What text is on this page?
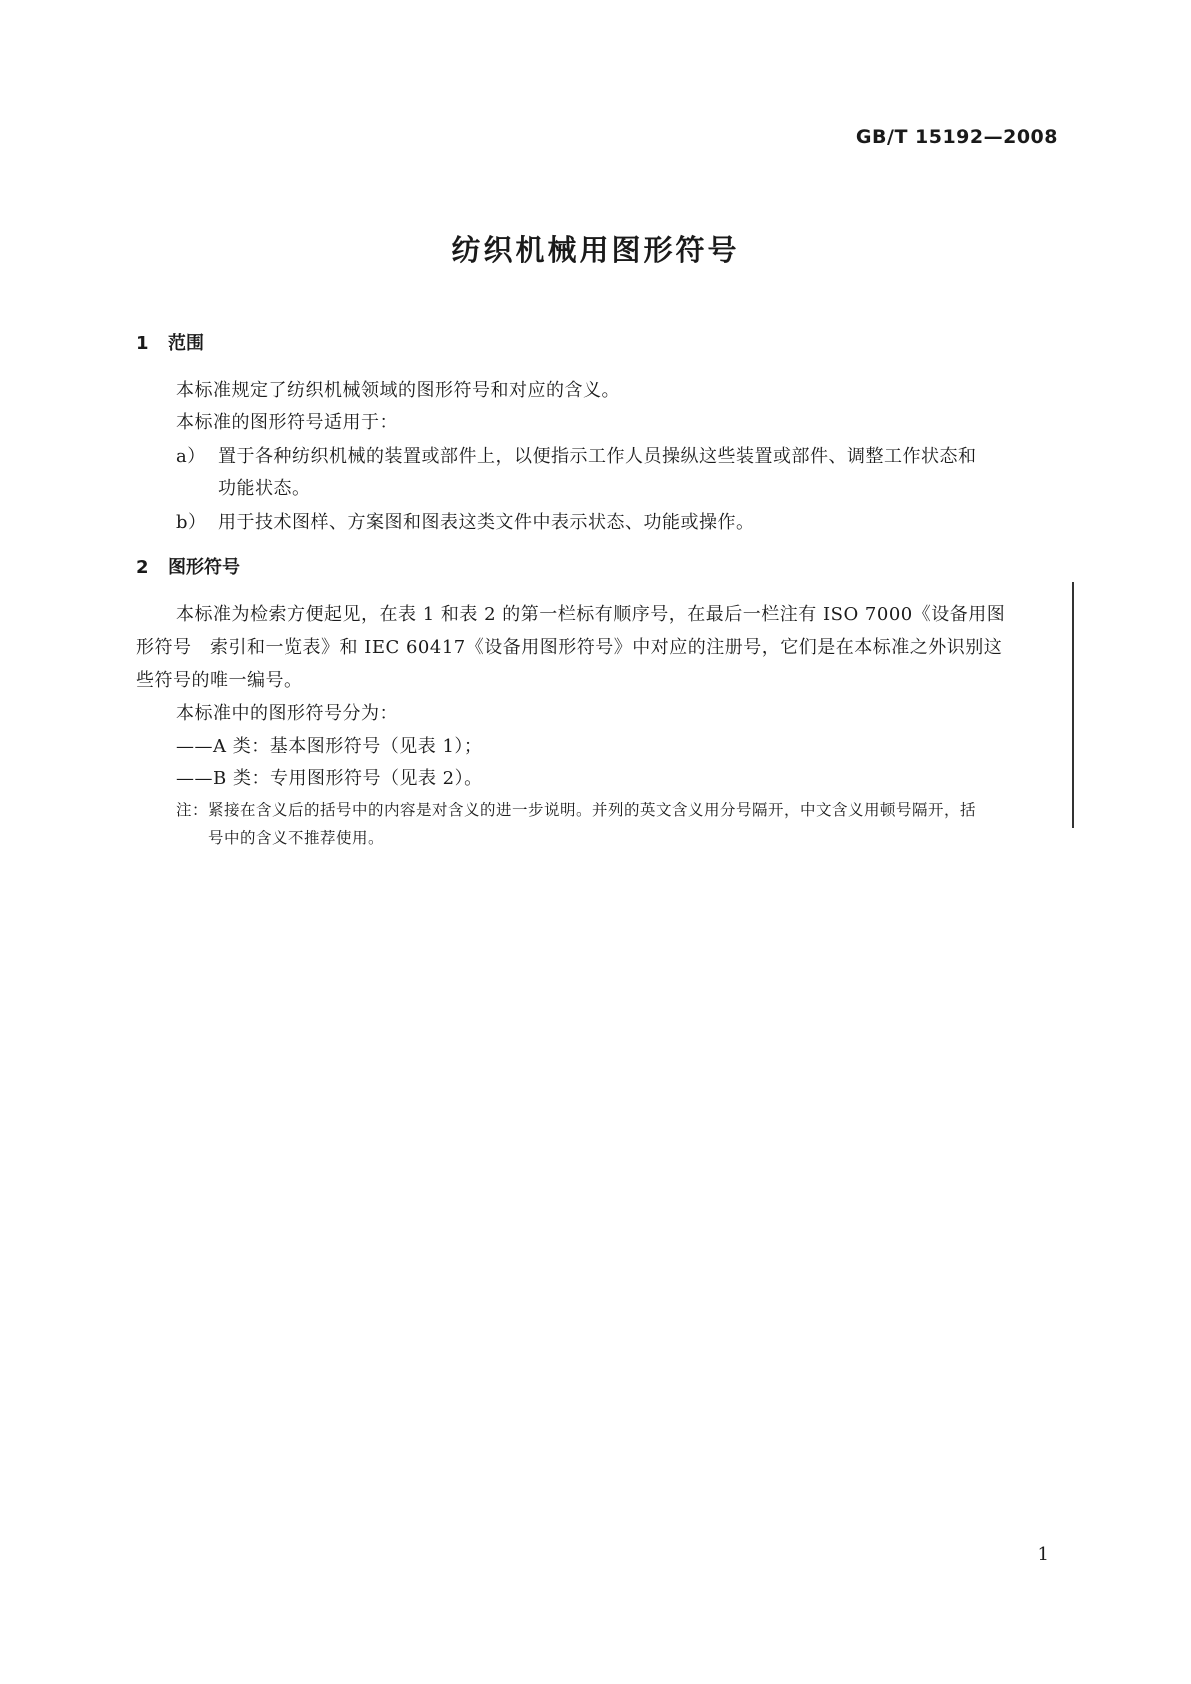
GB/T 15192—2008
纺织机械用图形符号
1 范围
本标准规定了纺织机械领域的图形符号和对应的含义。
本标准的图形符号适用于：
a） 置于各种纺织机械的装置或部件上，以便指示工作人员操纵这些装置或部件、调整工作状态和
功能状态。
b） 用于技术图样、方案图和图表这类文件中表示状态、功能或操作。
2 图形符号
本标准为检索方便起见，在表 1 和表 2 的第一栏标有顺序号，在最后一栏注有 ISO 7000《设备用图
形符号　索引和一览表》和 IEC 60417《设备用图形符号》中对应的注册号，它们是在本标准之外识别这
些符号的唯一编号。
本标准中的图形符号分为：
——A 类：基本图形符号（见表 1）；
——B 类：专用图形符号（见表 2）。
注：紧接在含义后的括号中的内容是对含义的进一步说明。并列的英文含义用分号隔开，中文含义用顿号隔开，括
号中的含义不推荐使用。
1
